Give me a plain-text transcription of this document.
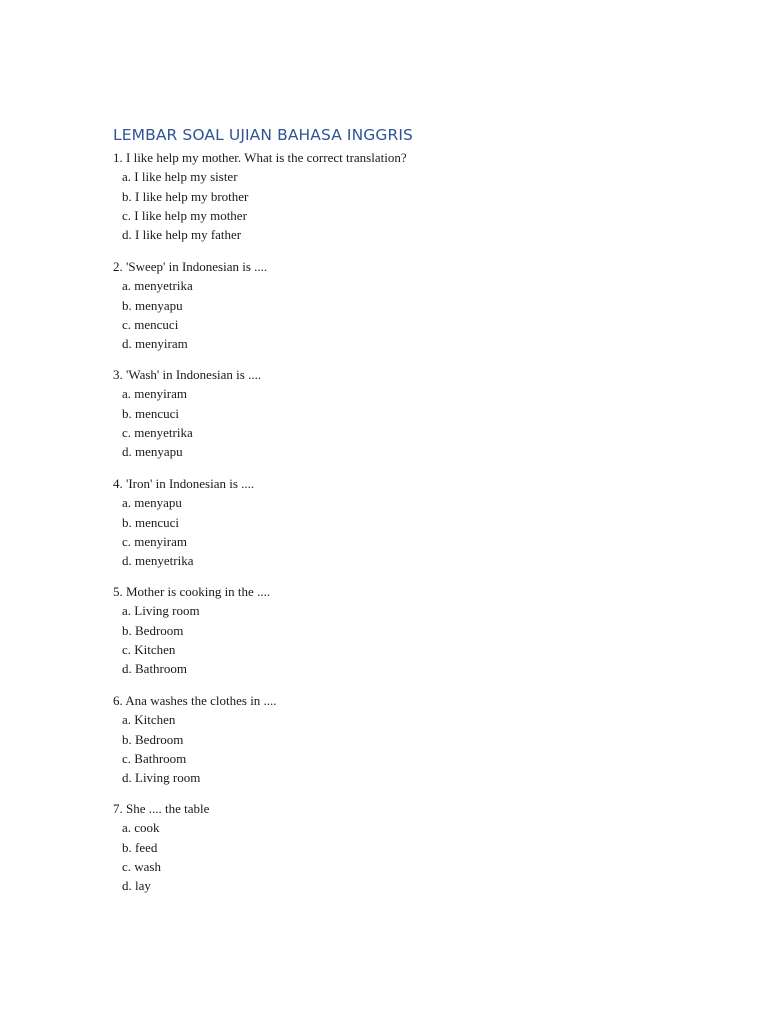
LEMBAR SOAL UJIAN BAHASA INGGRIS
1. I like help my mother. What is the correct translation?
a. I like help my sister
b. I like help my brother
c. I like help my mother
d. I like help my father
2. 'Sweep' in Indonesian is ....
a. menyetrika
b. menyapu
c. mencuci
d. menyiram
3. 'Wash' in Indonesian is ....
a. menyiram
b. mencuci
c. menyetrika
d. menyapu
4. 'Iron' in Indonesian is ....
a. menyapu
b. mencuci
c. menyiram
d. menyetrika
5. Mother is cooking in the ....
a. Living room
b. Bedroom
c. Kitchen
d. Bathroom
6. Ana washes the clothes in ....
a. Kitchen
b. Bedroom
c. Bathroom
d. Living room
7. She .... the table
a. cook
b. feed
c. wash
d. lay
